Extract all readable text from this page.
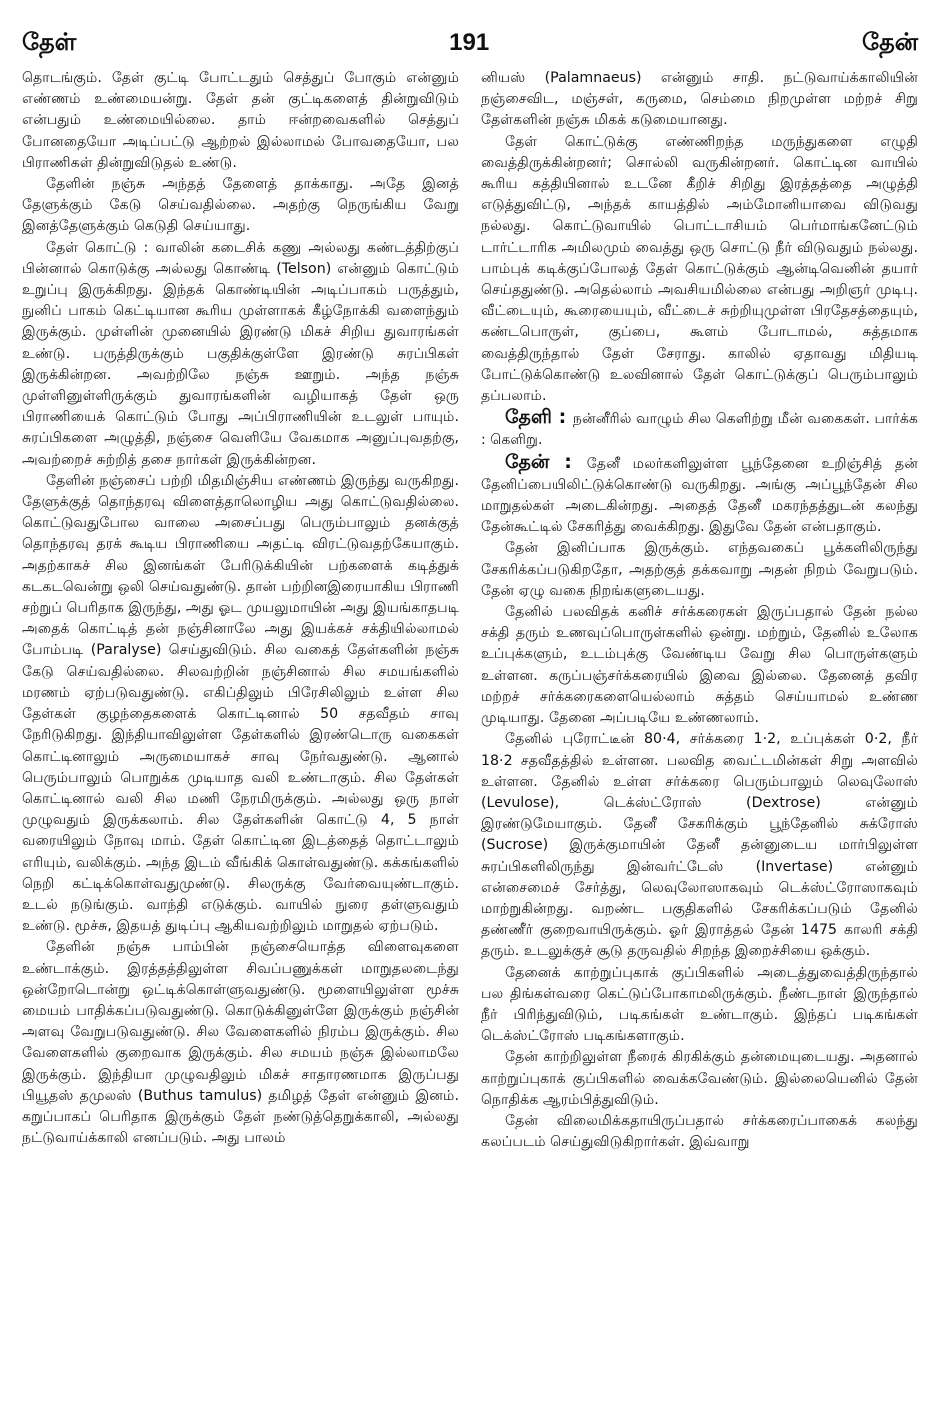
தேள்	191	தேன்

தொடங்கும். தேள் குட்டி போட்டதும் செத்துப் போகும் என்னும் எண்ணம் உண்மையன்று. தேள் தன் குட்டிகளைத் தின்றுவிடும் என்பதும் உண்மையில்லை. தாம் ஈன்றவைகளில் செத்துப் போனதையோ அடிப்பட்டு ஆற்றல் இல்லாமல் போவதையோ, பல பிராணிகள் தின்றுவிடுதல் உண்டு.

தேளின் நஞ்சு அந்தத் தேளைத் தாக்காது. அதே இனத் தேளுக்கும் கேடு செய்வதில்லை. அதற்கு நெருங்கிய வேறு இனத்தேளுக்கும் கெடுதி செய்யாது.

தேள் கொட்டு : வாலின் கடைசிக் கணு அல்லது கண்டத்திற்குப் பின்னால் கொடுக்கு அல்லது கொண்டி (Telson) என்னும் கொட்டும் உறுப்பு இருக்கிறது. இந்தக் கொண்டியின் அடிப்பாகம் பருத்தும், நுனிப் பாகம் கெட்டியான கூரிய முள்ளாகக் கீழ்நோக்கி வளைந்தும் இருக்கும். முள்ளின் முனையில் இரண்டு மிகச் சிறிய துவாரங்கள் உண்டு. பருத்திருக்கும் பகுதிக்குள்ளே இரண்டு சுரப்பிகள் இருக்கின்றன. அவற்றிலே நஞ்சு ஊறும். அந்த நஞ்சு முள்ளினுள்ளிருக்கும் துவாரங்களின் வழியாகத் தேள் ஒரு பிராணியைக் கொட்டும் போது அப்பிராணியின் உடலுள் பாயும். சுரப்பிகளை அழுத்தி, நஞ்சை வெளியே வேகமாக அனுப்புவதற்கு, அவற்றைச் சுற்றித் தசை நார்கள் இருக்கின்றன.

தேளின் நஞ்சைப் பற்றி மிதமிஞ்சிய எண்ணம் இருந்து வருகிறது. தேளுக்குத் தொந்தரவு விளைத்தாலொழிய அது கொட்டுவதில்லை. கொட்டுவதுபோல வாலை அசைப்பது பெரும்பாலும் தனக்குத் தொந்தரவு தரக் கூடிய பிராணியை அதட்டி விரட்டுவதற்கேயாகும். அதற்காகச் சில இனங்கள் பேரிடுக்கியின் பற்களைக் கடித்துக் கடகடவென்று ஒலி செய்வதுண்டு. தான் பற்றினஇரையாகிய பிராணி சற்றுப் பெரிதாக இருந்து, அது ஓட முயலுமாயின் அது இயங்காதபடி அதைக் கொட்டித் தன் நஞ்சினாலே அது இயக்கச் சக்தியில்லாமல் போம்படி (Paralyse) செய்துவிடும். சில வகைத் தேள்களின் நஞ்சு கேடு செய்வதில்லை. சிலவற்றின் நஞ்சினால் சில சமயங்களில் மரணம் ஏற்படுவதுண்டு. எகிப்திலும் பிரேசிலிலும் உள்ள சில தேள்கள் குழந்தைகளைக் கொட்டினால் 50 சதவீதம் சாவு நேரிடுகிறது. இந்தியாவிலுள்ள தேள்களில் இரண்டொரு வகைகள் கொட்டினாலும் அருமையாகச் சாவு நேர்வதுண்டு. ஆனால் பெரும்பாலும் பொறுக்க முடியாத வலி உண்டாகும். சில தேள்கள் கொட்டினால் வலி சில மணி நேரமிருக்கும். அல்லது ஒரு நாள் முழுவதும் இருக்கலாம். சில தேள்களின் கொட்டு 4, 5 நாள் வரையிலும் நோவு மாம். தேள் கொட்டின இடத்தைத் தொட்டாலும் எரியும், வலிக்கும். அந்த இடம் வீங்கிக் கொள்வதுண்டு. கக்கங்களில் நெறி கட்டிக்கொள்வதுமுண்டு. சிலருக்கு வேர்வையுண்டாகும். உடல் நடுங்கும். வாந்தி எடுக்கும். வாயில் நுரை தள்ளுவதும் உண்டு. மூச்சு, இதயத் துடிப்பு ஆகியவற்றிலும் மாறுதல் ஏற்படும்.

தேளின் நஞ்சு பாம்பின் நஞ்சையொத்த விளைவுகளை உண்டாக்கும். இரத்தத்திலுள்ள சிவப்பணுக்கள் மாறுதலடைந்து ஒன்றோடொன்று ஒட்டிக்கொள்ளுவதுண்டு. மூளையிலுள்ள மூச்சு மையம் பாதிக்கப்படுவதுண்டு. கொடுக்கினுள்ளே இருக்கும் நஞ்சின் அளவு வேறுபடுவதுண்டு. சில வேளைகளில் நிரம்ப இருக்கும். சில வேளைகளில் குறைவாக இருக்கும். சில சமயம் நஞ்சு இல்லாமலே இருக்கும். இந்தியா முழுவதிலும் மிகச் சாதாரணமாக இருப்பது பியூதஸ் தமுலஸ் (Buthus tamulus) தமிழத் தேள் என்னும் இனம். கறுப்பாகப் பெரிதாக இருக்கும் தேள் நண்டுத்தெறுக்காலி, அல்லது நட்டுவாய்க்காலி எனப்படும். அது பாலம்

னியஸ் (Palamnaeus) என்னும் சாதி. நட்டுவாய்க்காலியின் நஞ்சைவிட, மஞ்சள், கருமை, செம்மை நிறமுள்ள மற்றச் சிறு தேள்களின் நஞ்சு மிகக் கடுமையானது.

தேள் கொட்டுக்கு எண்ணிறந்த மருந்துகளை எழுதி வைத்திருக்கின்றனர்; சொல்லி வருகின்றனர். கொட்டின வாயில் கூரிய கத்தியினால் உடனே கீறிச் சிறிது இரத்தத்தை அழுத்தி எடுத்துவிட்டு, அந்தக் காயத்தில் அம்மோனியாவை விடுவது நல்லது. கொட்டுவாயில் பொட்டாசியம் பெர்மாங்கனேட்டும் டார்ட்டாரிக அமிலமும் வைத்து ஒரு சொட்டு நீர் விடுவதும் நல்லது. பாம்புக் கடிக்குப்போலத் தேள் கொட்டுக்கும் ஆன்டிவெனின் தயார் செய்ததுண்டு. அதெல்லாம் அவசியமில்லை என்பது அறிஞர் முடிபு. வீட்டையும், கூரையையும், வீட்டைச் சுற்றியுமுள்ள பிரதேசத்தையும், கண்டபொருள், குப்பை, கூளம் போடாமல், சுத்தமாக வைத்திருந்தால் தேள் சேராது. காலில் ஏதாவது மிதியடி போட்டுக்கொண்டு உலவினால் தேள் கொட்டுக்குப் பெரும்பாலும் தப்பலாம்.

தேளி : நன்னீரில் வாழும் சில கெளிற்று மீன் வகைகள். பார்க்க : கெளிறு.

தேன் : தேனீ மலர்களிலுள்ள பூந்தேனை உறிஞ்சித் தன் தேனிப்பையிலிட்டுக்கொண்டு வருகிறது. அங்கு அப்பூந்தேன் சில மாறுதல்கள் அடைகின்றது. அதைத் தேனீ மகரந்தத்துடன் கலந்து தேன்கூட்டில் சேகரித்து வைக்கிறது. இதுவே தேன் என்பதாகும்.

தேன் இனிப்பாக இருக்கும். எந்தவகைப் பூக்களிலிருந்து சேகரிக்கப்படுகிறதோ, அதற்குத் தக்கவாறு அதன் நிறம் வேறுபடும். தேன் ஏழு வகை நிறங்களுடையது.

தேனில் பலவிதக் கனிச் சர்க்கரைகள் இருப்பதால் தேன் நல்ல சக்தி தரும் உணவுப்பொருள்களில் ஒன்று. மற்றும், தேனில் உலோக உப்புக்களும், உடம்புக்கு வேண்டிய வேறு சில பொருள்களும் உள்ளன. கருப்பஞ்சர்க்கரையில் இவை இல்லை. தேனைத் தவிர மற்றச் சர்க்கரைகளையெல்லாம் சுத்தம் செய்யாமல் உண்ண முடியாது. தேனை அப்படியே உண்ணலாம்.

தேனில் புரோட்டீன் 80·4, சர்க்கரை 1·2, உப்புக்கள் 0·2, நீர் 18·2 சதவீதத்தில் உள்ளன. பலவித வைட்டமின்கள் சிறு அளவில் உள்ளன. தேனில் உள்ள சர்க்கரை பெரும்பாலும் லெவுலோஸ் (Levulose), டெக்ஸ்ட்ரோஸ் (Dextrose) என்னும் இரண்டுமேயாகும். தேனீ சேகரிக்கும் பூந்தேனில் சுக்ரோஸ் (Sucrose) இருக்குமாயின் தேனீ தன்னுடைய மார்பிலுள்ள சுரப்பிகளிலிருந்து இன்வர்ட்டேஸ் (Invertase) என்னும் என்சைமைச் சேர்த்து, லெவுலோஸாகவும் டெக்ஸ்ட்ரோஸாகவும் மாற்றுகின்றது. வறண்ட பகுதிகளில் சேகரிக்கப்படும் தேனில் தண்ணீர் குறைவாயிருக்கும். ஓர் இராத்தல் தேன் 1475 காலரி சக்தி தரும். உடலுக்குச் சூடு தருவதில் சிறந்த இறைச்சியை ஒக்கும்.

தேனைக் காற்றுப்புகாக் குப்பிகளில் அடைத்துவைத்திருந்தால் பல திங்கள்வரை கெட்டுப்போகாமலிருக்கும். நீண்டநாள் இருந்தால் நீர் பிரிந்துவிடும், படிகங்கள் உண்டாகும். இந்தப் படிகங்கள் டெக்ஸ்ட்ரோஸ் படிகங்களாகும்.

தேன் காற்றிலுள்ள நீரைக் கிரகிக்கும் தன்மையுடையது. அதனால் காற்றுப்புகாக் குப்பிகளில் வைக்கவேண்டும். இல்லையெனில் தேன் நொதிக்க ஆரம்பித்துவிடும்.

தேன் விலைமிக்கதாயிருப்பதால் சர்க்கரைப்பாகைக் கலந்து கலப்படம் செய்துவிடுகிறார்கள். இவ்வாறு
